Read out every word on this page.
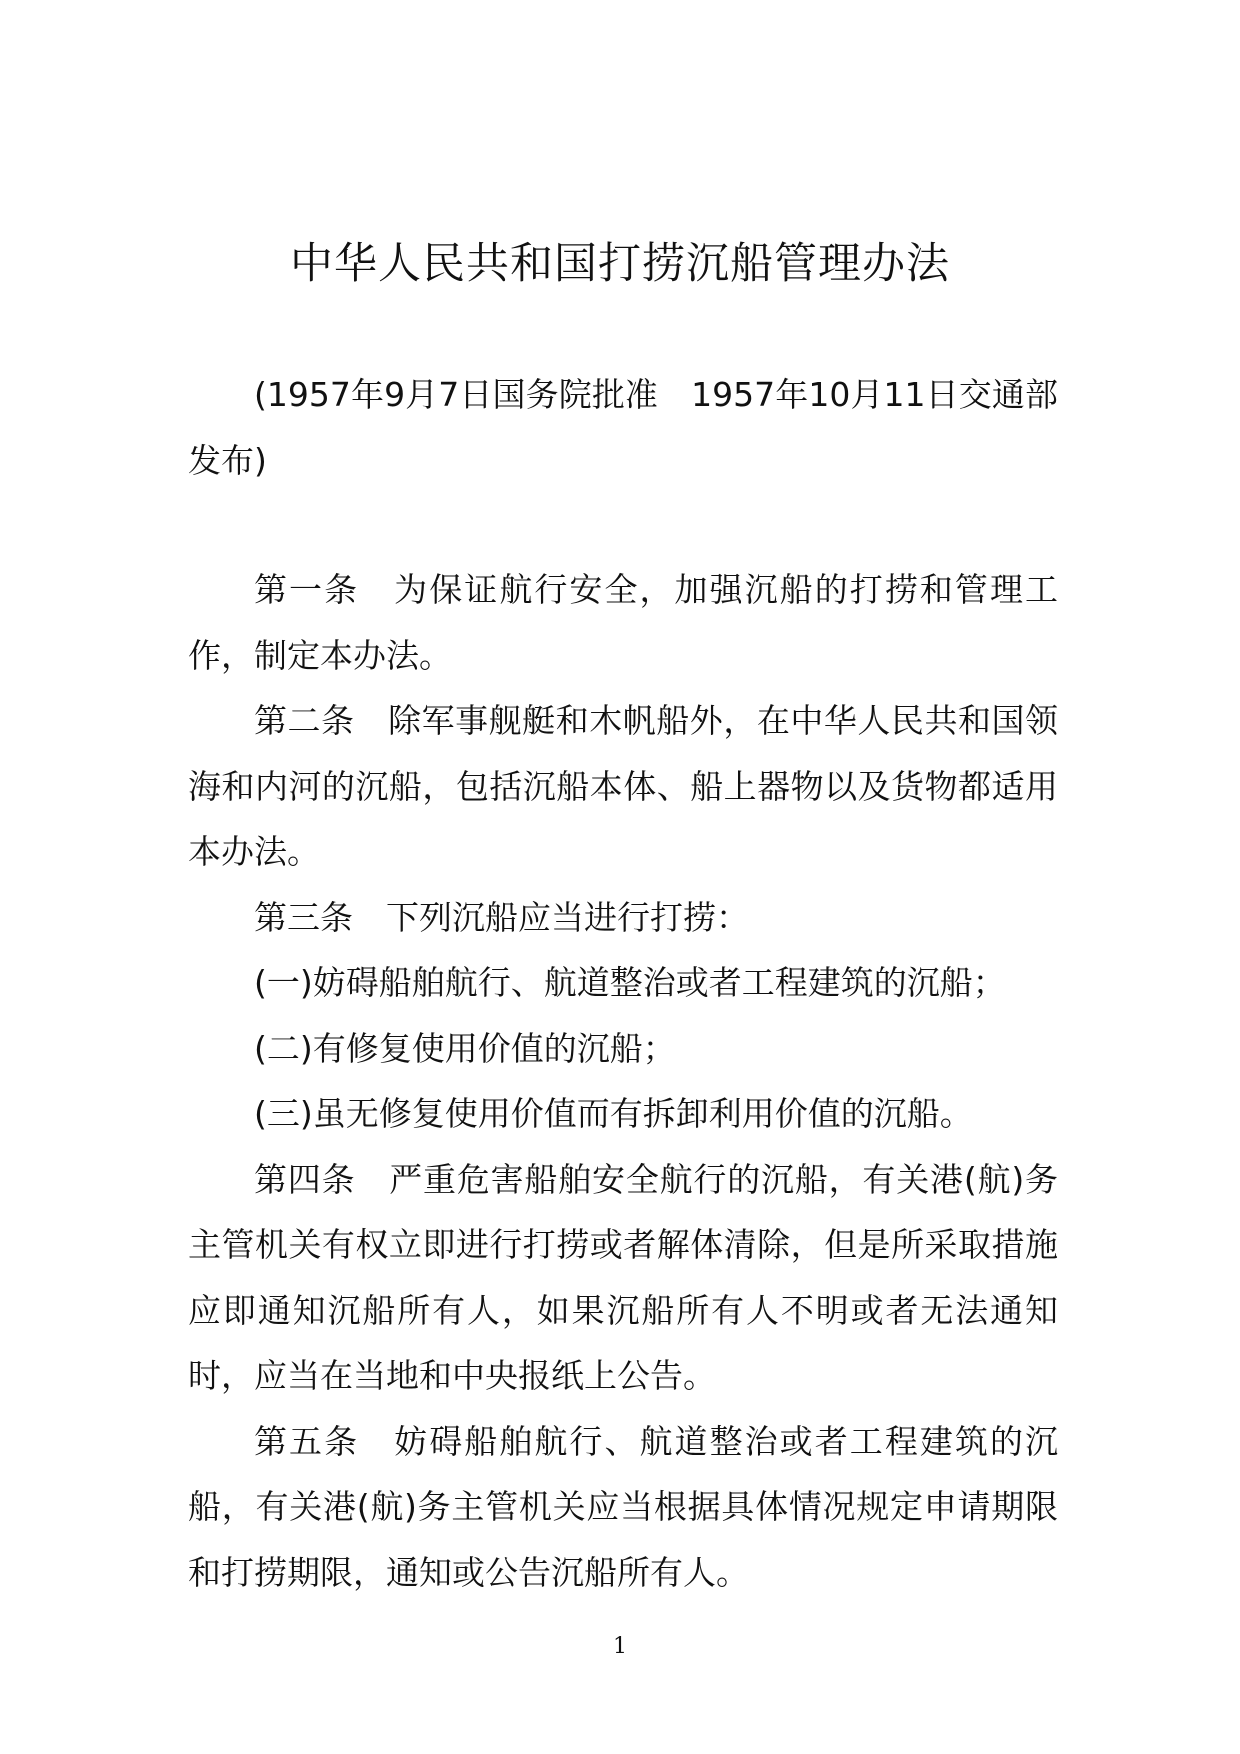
中华人民共和国打捞沉船管理办法

(1957年9月7日国务院批准　1957年10月11日交通部发布)

第一条 为保证航行安全，加强沉船的打捞和管理工作，制定本办法。

第二条 除军事舰艇和木帆船外，在中华人民共和国领海和内河的沉船，包括沉船本体、船上器物以及货物都适用本办法。

第三条 下列沉船应当进行打捞：

(一)妨碍船舶航行、航道整治或者工程建筑的沉船；

(二)有修复使用价值的沉船；

(三)虽无修复使用价值而有拆卸利用价值的沉船。

第四条 严重危害船舶安全航行的沉船，有关港(航)务主管机关有权立即进行打捞或者解体清除，但是所采取措施应即通知沉船所有人，如果沉船所有人不明或者无法通知时，应当在当地和中央报纸上公告。

第五条 妨碍船舶航行、航道整治或者工程建筑的沉船，有关港(航)务主管机关应当根据具体情况规定申请期限和打捞期限，通知或公告沉船所有人。

1
